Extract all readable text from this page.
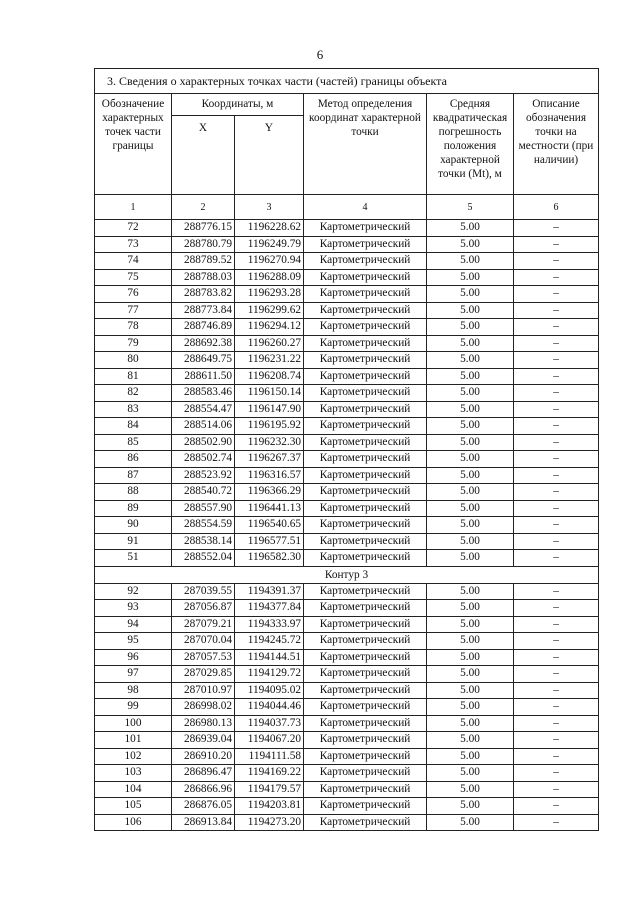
6
3. Сведения о характерных точках части (частей) границы объекта					
Обозначение характерных точек части границы	Координаты, м		Метод определения координат характерной точки	Средняя квадратическая погрешность положения характерной точки (Mt), м	Описание обозначения точки на местности (при наличии)
	X	Y			
1	2	3	4	5	6
72	288776.15	1196228.62	Картометрический	5.00	–
73	288780.79	1196249.79	Картометрический	5.00	–
74	288789.52	1196270.94	Картометрический	5.00	–
75	288788.03	1196288.09	Картометрический	5.00	–
76	288783.82	1196293.28	Картометрический	5.00	–
77	288773.84	1196299.62	Картометрический	5.00	–
78	288746.89	1196294.12	Картометрический	5.00	–
79	288692.38	1196260.27	Картометрический	5.00	–
80	288649.75	1196231.22	Картометрический	5.00	–
81	288611.50	1196208.74	Картометрический	5.00	–
82	288583.46	1196150.14	Картометрический	5.00	–
83	288554.47	1196147.90	Картометрический	5.00	–
84	288514.06	1196195.92	Картометрический	5.00	–
85	288502.90	1196232.30	Картометрический	5.00	–
86	288502.74	1196267.37	Картометрический	5.00	–
87	288523.92	1196316.57	Картометрический	5.00	–
88	288540.72	1196366.29	Картометрический	5.00	–
89	288557.90	1196441.13	Картометрический	5.00	–
90	288554.59	1196540.65	Картометрический	5.00	–
91	288538.14	1196577.51	Картометрический	5.00	–
51	288552.04	1196582.30	Картометрический	5.00	–
Контур 3					
92	287039.55	1194391.37	Картометрический	5.00	–
93	287056.87	1194377.84	Картометрический	5.00	–
94	287079.21	1194333.97	Картометрический	5.00	–
95	287070.04	1194245.72	Картометрический	5.00	–
96	287057.53	1194144.51	Картометрический	5.00	–
97	287029.85	1194129.72	Картометрический	5.00	–
98	287010.97	1194095.02	Картометрический	5.00	–
99	286998.02	1194044.46	Картометрический	5.00	–
100	286980.13	1194037.73	Картометрический	5.00	–
101	286939.04	1194067.20	Картометрический	5.00	–
102	286910.20	1194111.58	Картометрический	5.00	–
103	286896.47	1194169.22	Картометрический	5.00	–
104	286866.96	1194179.57	Картометрический	5.00	–
105	286876.05	1194203.81	Картометрический	5.00	–
106	286913.84	1194273.20	Картометрический	5.00	–
